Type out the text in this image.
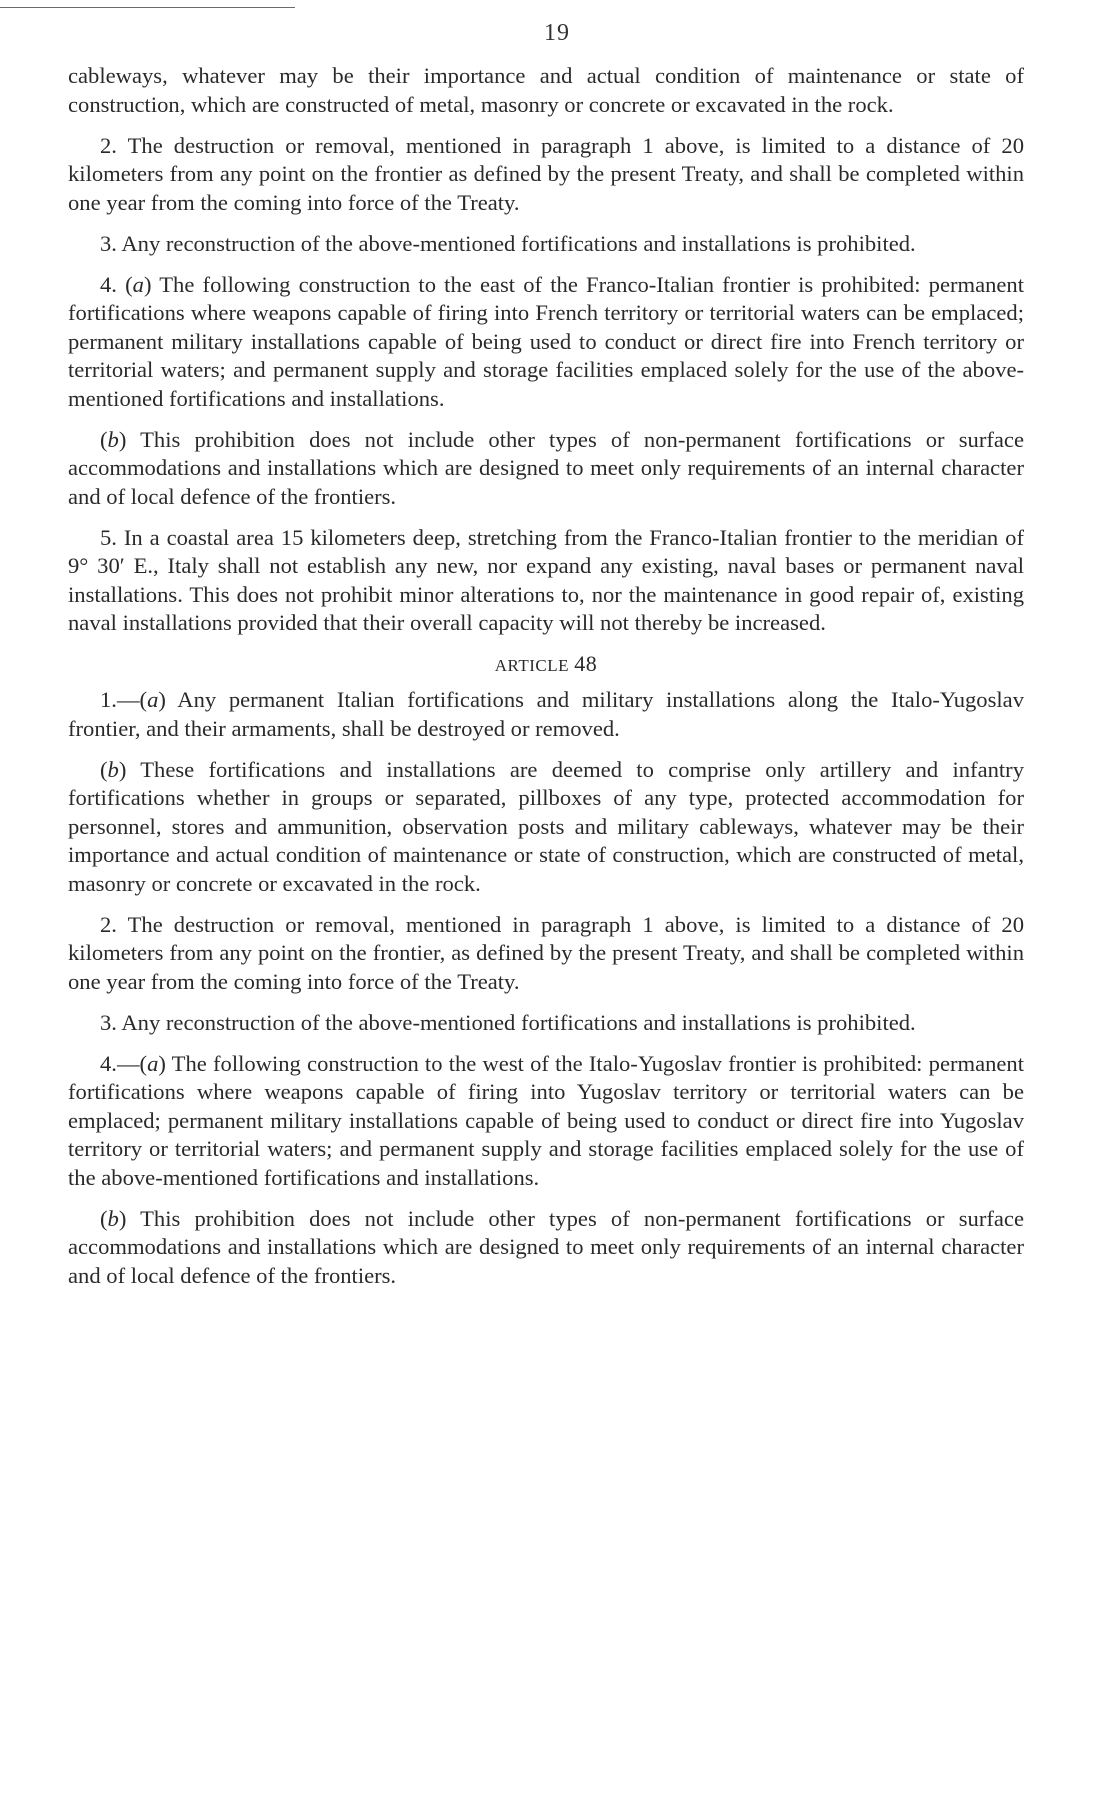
19

cableways, whatever may be their importance and actual condition of maintenance or state of construction, which are constructed of metal, masonry or concrete or excavated in the rock.

2. The destruction or removal, mentioned in paragraph 1 above, is limited to a distance of 20 kilometers from any point on the frontier as defined by the present Treaty, and shall be completed within one year from the coming into force of the Treaty.

3. Any reconstruction of the above-mentioned fortifications and installations is prohibited.

4. (a) The following construction to the east of the Franco-Italian frontier is prohibited: permanent fortifications where weapons capable of firing into French territory or territorial waters can be emplaced; permanent military installations capable of being used to conduct or direct fire into French territory or territorial waters; and permanent supply and storage facilities emplaced solely for the use of the above-mentioned fortifications and installations.

(b) This prohibition does not include other types of non-permanent fortifications or surface accommodations and installations which are designed to meet only requirements of an internal character and of local defence of the frontiers.

5. In a coastal area 15 kilometers deep, stretching from the Franco-Italian frontier to the meridian of 9° 30′ E., Italy shall not establish any new, nor expand any existing, naval bases or permanent naval installations. This does not prohibit minor alterations to, nor the maintenance in good repair of, existing naval installations provided that their overall capacity will not thereby be increased.

article 48

1.—(a) Any permanent Italian fortifications and military installations along the Italo-Yugoslav frontier, and their armaments, shall be destroyed or removed.

(b) These fortifications and installations are deemed to comprise only artillery and infantry fortifications whether in groups or separated, pillboxes of any type, protected accommodation for personnel, stores and ammunition, observation posts and military cableways, whatever may be their importance and actual condition of maintenance or state of construction, which are constructed of metal, masonry or concrete or excavated in the rock.

2. The destruction or removal, mentioned in paragraph 1 above, is limited to a distance of 20 kilometers from any point on the frontier, as defined by the present Treaty, and shall be completed within one year from the coming into force of the Treaty.

3. Any reconstruction of the above-mentioned fortifications and installations is prohibited.

4.—(a) The following construction to the west of the Italo-Yugoslav frontier is prohibited: permanent fortifications where weapons capable of firing into Yugoslav territory or territorial waters can be emplaced; permanent military installations capable of being used to conduct or direct fire into Yugoslav territory or territorial waters; and permanent supply and storage facilities emplaced solely for the use of the above-mentioned fortifications and installations.

(b) This prohibition does not include other types of non-permanent fortifications or surface accommodations and installations which are designed to meet only requirements of an internal character and of local defence of the frontiers.
